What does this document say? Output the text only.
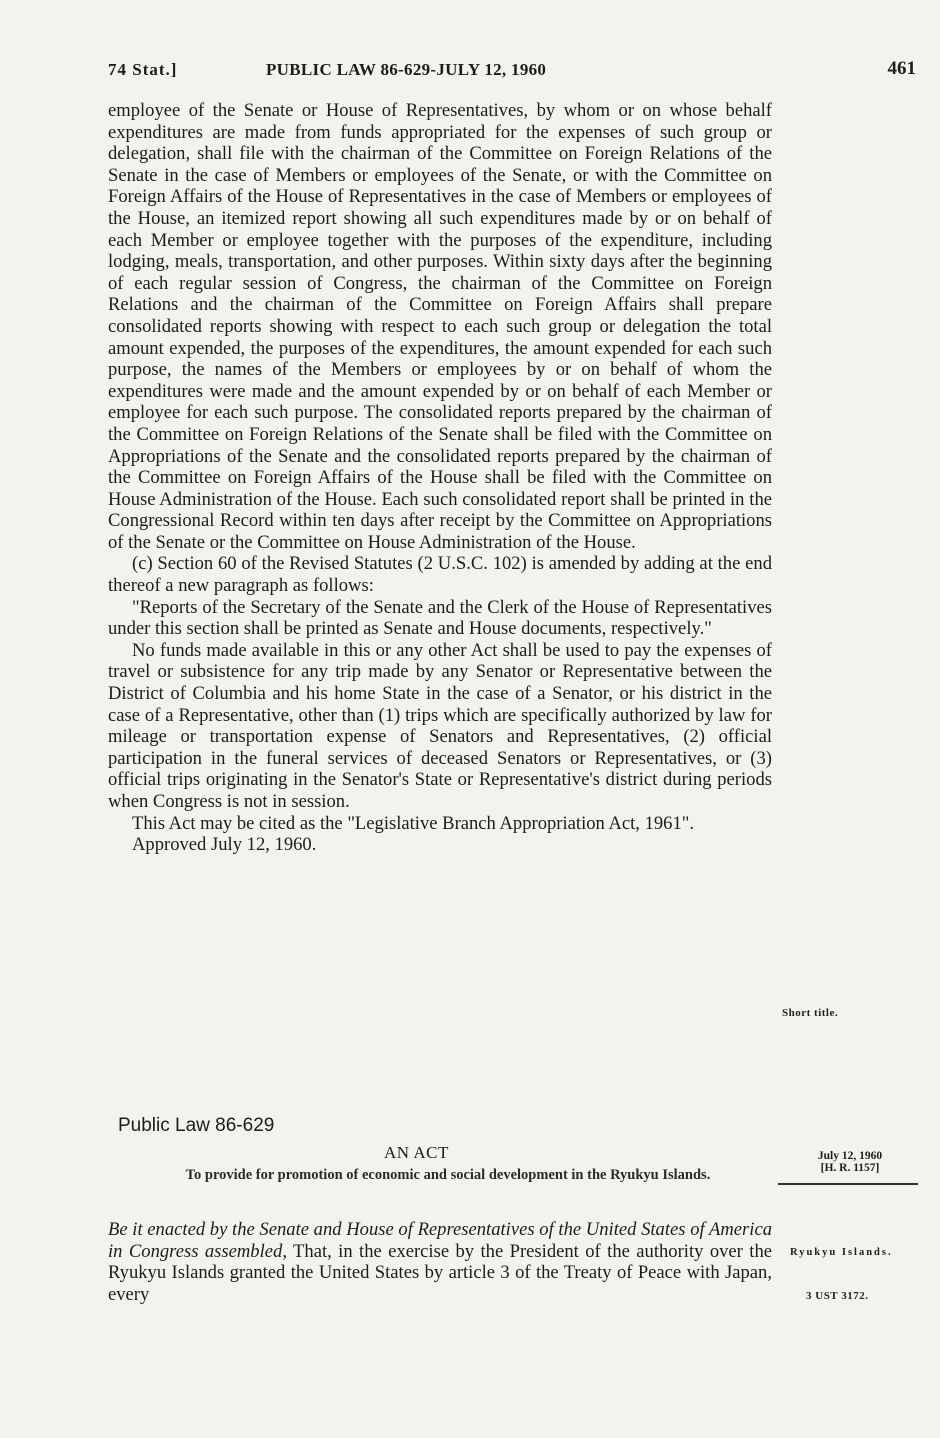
74 Stat.]	PUBLIC LAW 86-629-JULY 12, 1960	461

employee of the Senate or House of Representatives, by whom or on whose behalf expenditures are made from funds appropriated for the expenses of such group or delegation, shall file with the chairman of the Committee on Foreign Relations of the Senate in the case of Members or employees of the Senate, or with the Committee on Foreign Affairs of the House of Representatives in the case of Members or employees of the House, an itemized report showing all such expenditures made by or on behalf of each Member or employee together with the purposes of the expenditure, including lodging, meals, transportation, and other purposes. Within sixty days after the beginning of each regular session of Congress, the chairman of the Committee on Foreign Relations and the chairman of the Committee on Foreign Affairs shall prepare consolidated reports showing with respect to each such group or delegation the total amount expended, the purposes of the expenditures, the amount expended for each such purpose, the names of the Members or employees by or on behalf of whom the expenditures were made and the amount expended by or on behalf of each Member or employee for each such purpose. The consolidated reports prepared by the chairman of the Committee on Foreign Relations of the Senate shall be filed with the Committee on Appropriations of the Senate and the consolidated reports prepared by the chairman of the Committee on Foreign Affairs of the House shall be filed with the Committee on House Administration of the House. Each such consolidated report shall be printed in the Congressional Record within ten days after receipt by the Committee on Appropriations of the Senate or the Committee on House Administration of the House.

(c) Section 60 of the Revised Statutes (2 U.S.C. 102) is amended by adding at the end thereof a new paragraph as follows:

"Reports of the Secretary of the Senate and the Clerk of the House of Representatives under this section shall be printed as Senate and House documents, respectively."

No funds made available in this or any other Act shall be used to pay the expenses of travel or subsistence for any trip made by any Senator or Representative between the District of Columbia and his home State in the case of a Senator, or his district in the case of a Representative, other than (1) trips which are specifically authorized by law for mileage or transportation expense of Senators and Representatives, (2) official participation in the funeral services of deceased Senators or Representatives, or (3) official trips originating in the Senator's State or Representative's district during periods when Congress is not in session.

This Act may be cited as the "Legislative Branch Appropriation Act, 1961".

Approved July 12, 1960.

Short title.
Public Law 86-629
AN ACT
To provide for promotion of economic and social development in the Ryukyu Islands.
July 12, 1960
[H. R. 1157]

Be it enacted by the Senate and House of Representatives of the United States of America in Congress assembled, That, in the exercise by the President of the authority over the Ryukyu Islands granted the United States by article 3 of the Treaty of Peace with Japan, every

Ryukyu Islands.
3 UST 3172.
